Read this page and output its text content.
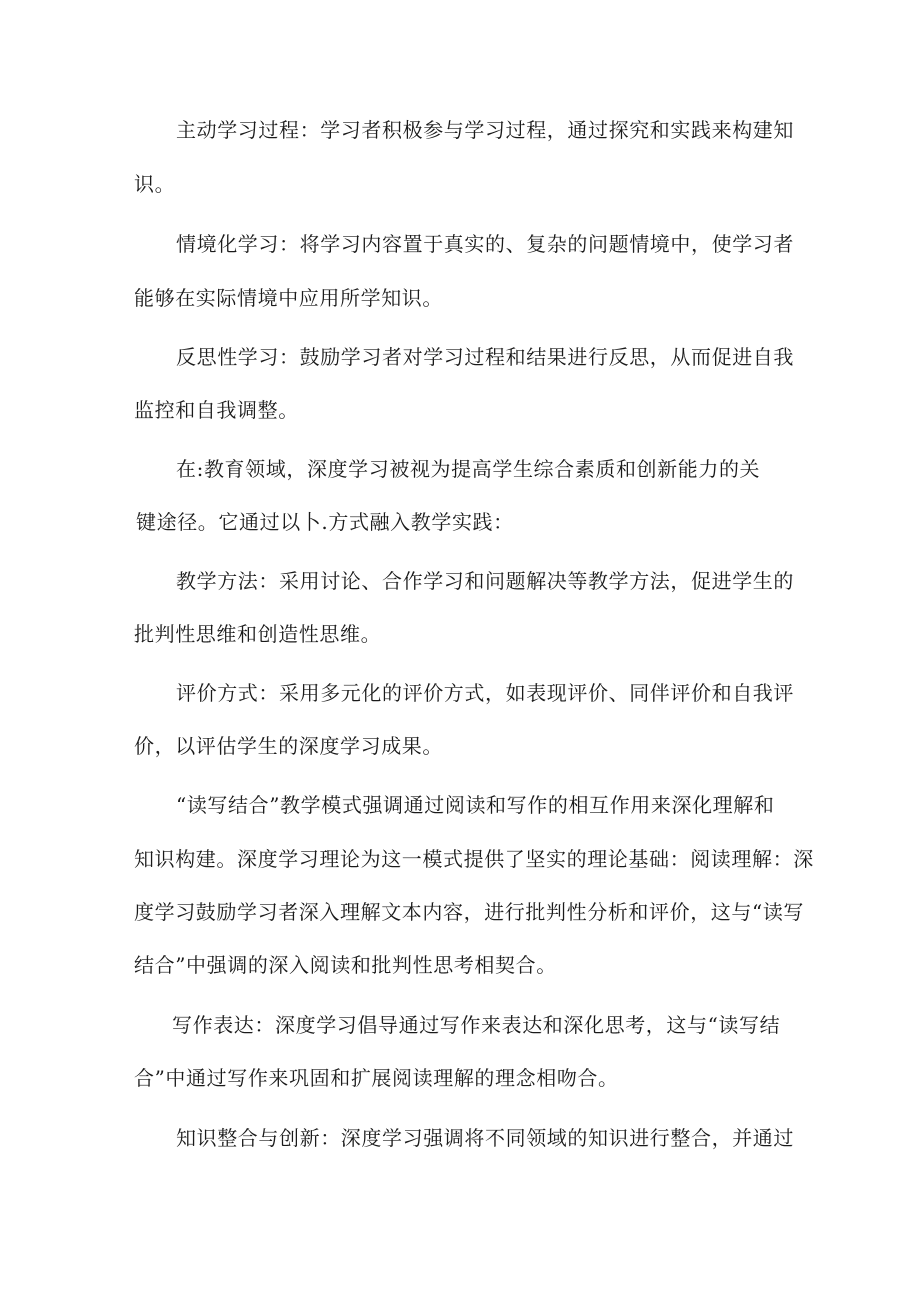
主动学习过程：学习者积极参与学习过程，通过探究和实践来构建知
识。
情境化学习：将学习内容置于真实的、复杂的问题情境中，使学习者
能够在实际情境中应用所学知识。
反思性学习：鼓励学习者对学习过程和结果进行反思，从而促进自我
监控和自我调整。
在:教育领域，深度学习被视为提高学生综合素质和创新能力的关
键途径。它通过以卜.方式融入教学实践：
教学方法：采用讨论、合作学习和问题解决等教学方法，促进学生的
批判性思维和创造性思维。
评价方式：采用多元化的评价方式，如表现评价、同伴评价和自我评
价，以评估学生的深度学习成果。
“读写结合”教学模式强调通过阅读和写作的相互作用来深化理解和
知识构建。深度学习理论为这一模式提供了坚实的理论基础：阅读理解：深
度学习鼓励学习者深入理解文本内容，进行批判性分析和评价，这与“读写
结合”中强调的深入阅读和批判性思考相契合。
写作表达：深度学习倡导通过写作来表达和深化思考，这与“读写结
合”中通过写作来巩固和扩展阅读理解的理念相吻合。
知识整合与创新：深度学习强调将不同领域的知识进行整合，并通过
